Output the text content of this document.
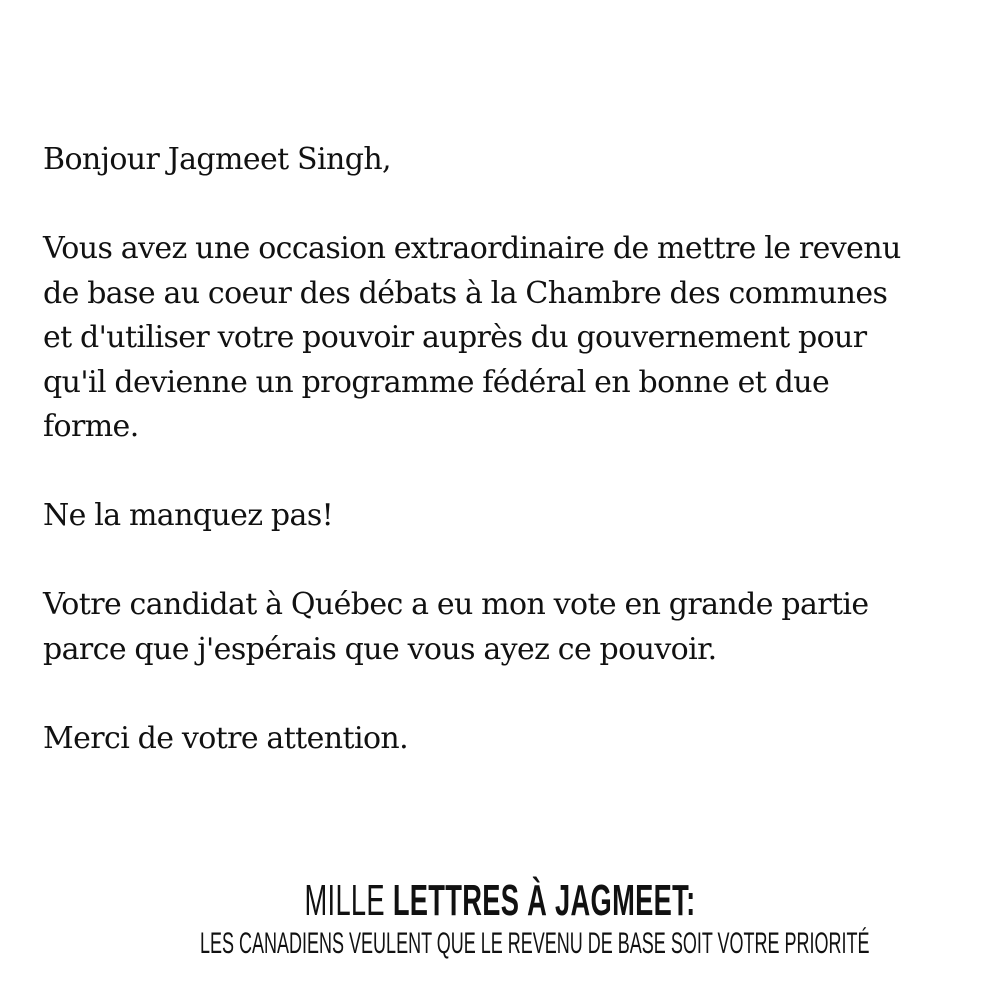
Bonjour Jagmeet Singh,

Vous avez une occasion extraordinaire de mettre le revenu
de base au coeur des débats à la Chambre des communes
et d'utiliser votre pouvoir auprès du gouvernement pour
qu'il devienne un programme fédéral en bonne et due
forme.

Ne la manquez pas!

Votre candidat à Québec a eu mon vote en grande partie
parce que j'espérais que vous ayez ce pouvoir.

Merci de votre attention.

MILLE LETTRES À JAGMEET:
LES CANADIENS VEULENT QUE LE REVENU DE BASE SOIT VOTRE PRIORITÉ
